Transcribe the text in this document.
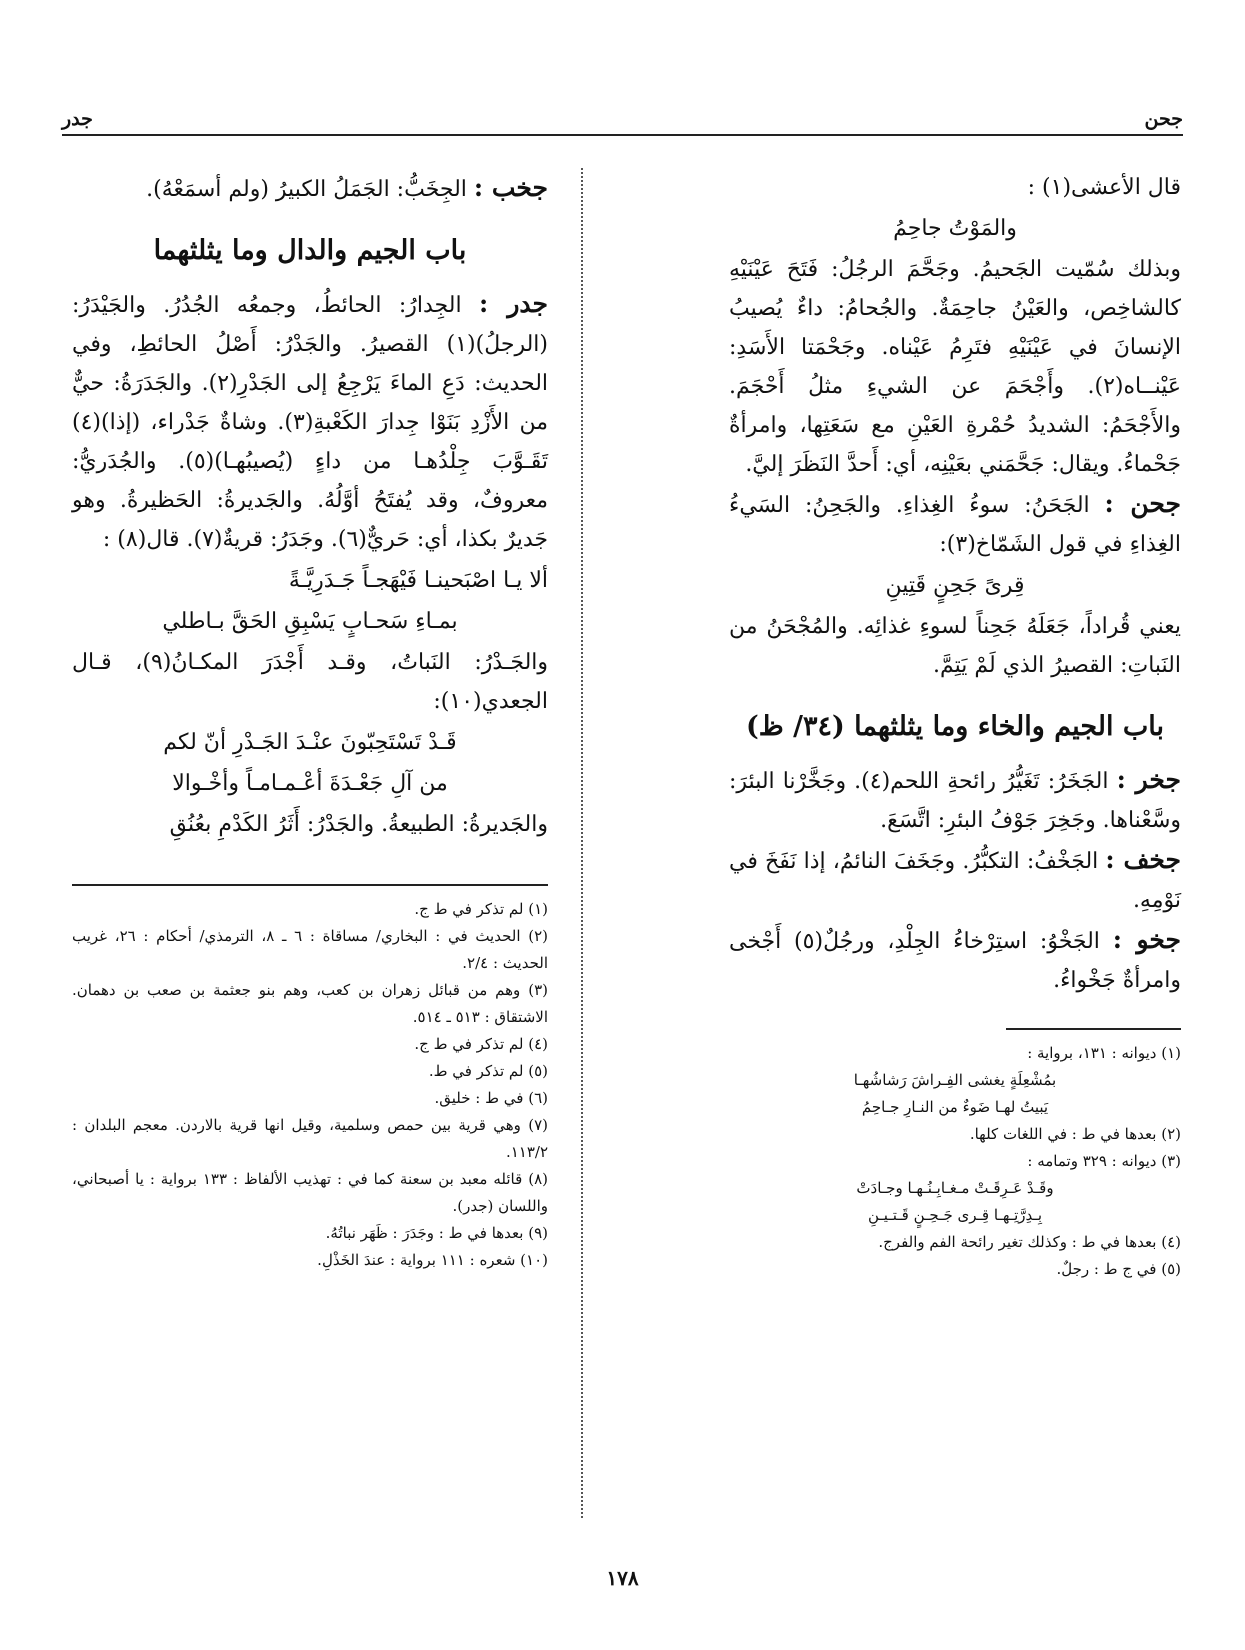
جحن
جدر

قال الأعشى(١) :

والمَوْتُ جاحِمُ

وبذلك سُمّيت الجَحيمُ. وجَحَّمَ الرجُلُ: فَتَحَ عَيْنَيْهِ كالشاخِص، والعَيْنُ جاحِمَةٌ. والجُحامُ: داءٌ يُصيبُ الإنسانَ في عَيْنَيْهِ فتَرِمُ عَيْناه. وجَحْمَتا الأَسَدِ: عَيْنــاه(٢). وأَجْحَمَ عن الشيءِ مثلُ أَحْجَمَ. والأَجْحَمُ: الشديدُ حُمْرةِ العَيْنِ مع سَعَتِها، وامرأةٌ جَحْماءُ. ويقال: جَحَّمَني بعَيْنِه، أي: أَحدَّ النَظَرَ إليَّ.

جحن : الجَحَنُ: سوءُ الغِذاءِ. والجَحِنُ: السَيءُ الغِذاءِ في قول الشَمّاخ(٣):

قِرىً جَحِنٍ قَتِينِ

يعني قُراداً، جَعَلَهُ جَحِناً لسوءِ غذائِه. والمُجْحَنُ من النَباتِ: القصيرُ الذي لَمْ يَتِمَّ.

باب الجيم والخاء وما يثلثهما (٣٤/ ظ)

جخر : الجَخَرُ: تَغَيُّرُ رائحةِ اللحم(٤). وجَخَّرْنا البئرَ: وسَّعْناها. وجَخِرَ جَوْفُ البئرِ: اتَّسَعَ.

جخف : الجَخْفُ: التكبُّرُ. وجَخَفَ النائمُ، إذا نَفَخَ في نَوْمِهِ.

جخو : الجَخْوُ: استِرْخاءُ الجِلْدِ، ورجُلٌ(٥) أَجْخى وامرأةٌ جَخْواءُ.

(١) ديوانه : ١٣١، برواية :

بمُشْعِلَةٍ يغشى الفِـراشَ رَشاشُهـا

يَبيتُ لهـا ضَوءٌ من النـارِ جـاحِمُ

(٢) بعدها في ط : في اللغات كلها.

(٣) ديوانه : ٣٢٩ وتمامه :

وقَـدْ عَـرِقَـتْ مـغـابِـنُـهـا وجـادَتْ

بِـدِرَّتِـهـا قِـرى جَـحِـنٍ قَـتـيـنِ

(٤) بعدها في ط : وكذلك تغير رائحة الفم والفرج.

(٥) في ج ط : رجلٌ.

جخب : الجِخَبُّ: الجَمَلُ الكبيرُ (ولم أسمَعْهُ).

باب الجيم والدال وما يثلثهما

جدر : الجِدارُ: الحائطُ، وجمعُه الجُدُرُ. والجَيْدَرُ: (الرجلُ)(١) القصيرُ. والجَدْرُ: أَصْلُ الحائطِ، وفي الحديث: دَعِ الماءَ يَرْجِعُ إلى الجَدْرِ(٢). والجَدَرَةُ: حيٌّ من الأَزْدِ بَنَوْا جِدارَ الكَعْبةِ(٣). وشاةٌ جَدْراء، (إذا)(٤) تَقَـوَّبَ جِلْدُهـا من داءٍ (يُصيبُهـا)(٥). والجُدَريُّ: معروفٌ، وقد يُفتَحُ أوَّلُهُ. والجَديرةُ: الحَظيرةُ. وهو جَديرٌ بكذا، أي: حَريٌّ(٦). وجَدَرُ: قريةٌ(٧). قال(٨) :

ألا يـا اصْبَحينـا فَيْهَجـاً جَـدَرِيَّـةً

بمـاءِ سَحـابٍ يَسْبِقِ الحَقَّ بـاطلي

والجَـدْرُ: النَباتُ، وقـد أَجْدَرَ المكـانُ(٩)، قـال الجعدي(١٠):

قَـدْ تَسْتَحِبّونَ عنْـدَ الجَـدْرِ أنّ لكم

من آلِ جَعْـدَةَ أعْـمـامـاً وأخْـوالا

والجَديرةُ: الطبيعةُ. والجَدْرُ: أَثَرُ الكَدْمِ بعُنُقِ

(١) لم تذكر في ط ج.

(٢) الحديث في : البخاري/ مساقاة : ٦ ـ ٨، الترمذي/ أحكام : ٢٦، غريب الحديث : ٢/٤.

(٣) وهم من قبائل زهران بن كعب، وهم بنو جعثمة بن صعب بن دهمان. الاشتقاق : ٥١٣ ـ ٥١٤.

(٤) لم تذكر في ط ج.

(٥) لم تذكر في ط.

(٦) في ط : خليق.

(٧) وهي قرية بين حمص وسلمية، وقيل انها قرية بالاردن. معجم البلدان : ١١٣/٢.

(٨) قائله معبد بن سعنة كما في : تهذيب الألفاظ : ١٣٣ برواية : يا أصبحاني، واللسان (جدر).

(٩) بعدها في ط : وجَدَرَ : ظَهَر نباتُهُ.

(١٠) شعره : ١١١ برواية : عندَ الخَذْلِ.

١٧٨
